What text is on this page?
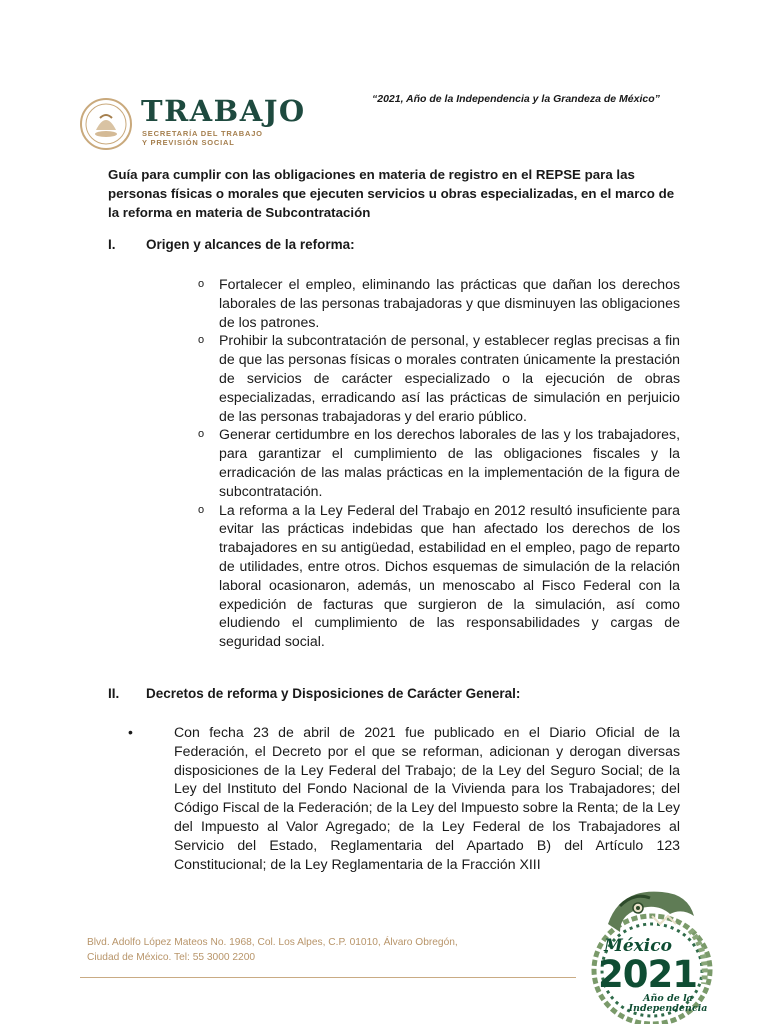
“2021, Año de la Independencia y la Grandeza de México”
TRABAJO
SECRETARÍA DEL TRABAJO
Y PREVISIÓN SOCIAL

Guía para cumplir con las obligaciones en materia de registro en el REPSE para las personas físicas o morales que ejecuten servicios u obras especializadas, en el marco de la reforma en materia de Subcontratación

I. Origen y alcances de la reforma:
o Fortalecer el empleo, eliminando las prácticas que dañan los derechos laborales de las personas trabajadoras y que disminuyen las obligaciones de los patrones.
o Prohibir la subcontratación de personal, y establecer reglas precisas a fin de que las personas físicas o morales contraten únicamente la prestación de servicios de carácter especializado o la ejecución de obras especializadas, erradicando así las prácticas de simulación en perjuicio de las personas trabajadoras y del erario público.
o Generar certidumbre en los derechos laborales de las y los trabajadores, para garantizar el cumplimiento de las obligaciones fiscales y la erradicación de las malas prácticas en la implementación de la figura de subcontratación.
o La reforma a la Ley Federal del Trabajo en 2012 resultó insuficiente para evitar las prácticas indebidas que han afectado los derechos de los trabajadores en su antigüedad, estabilidad en el empleo, pago de reparto de utilidades, entre otros. Dichos esquemas de simulación de la relación laboral ocasionaron, además, un menoscabo al Fisco Federal con la expedición de facturas que surgieron de la simulación, así como eludiendo el cumplimiento de las responsabilidades y cargas de seguridad social.
II. Decretos de reforma y Disposiciones de Carácter General:
•	Con fecha 23 de abril de 2021 fue publicado en el Diario Oficial de la Federación, el Decreto por el que se reforman, adicionan y derogan diversas disposiciones de la Ley Federal del Trabajo; de la Ley del Seguro Social; de la Ley del Instituto del Fondo Nacional de la Vivienda para los Trabajadores; del Código Fiscal de la Federación; de la Ley del Impuesto sobre la Renta; de la Ley del Impuesto al Valor Agregado; de la Ley Federal de los Trabajadores al Servicio del Estado, Reglamentaria del Apartado B) del Artículo 123 Constitucional; de la Ley Reglamentaria de la Fracción XIII
Blvd. Adolfo López Mateos No. 1968, Col. Los Alpes, C.P. 01010, Álvaro Obregón,
Ciudad de México. Tel: 55 3000 2200
México
2021
Año de la
Independencia
